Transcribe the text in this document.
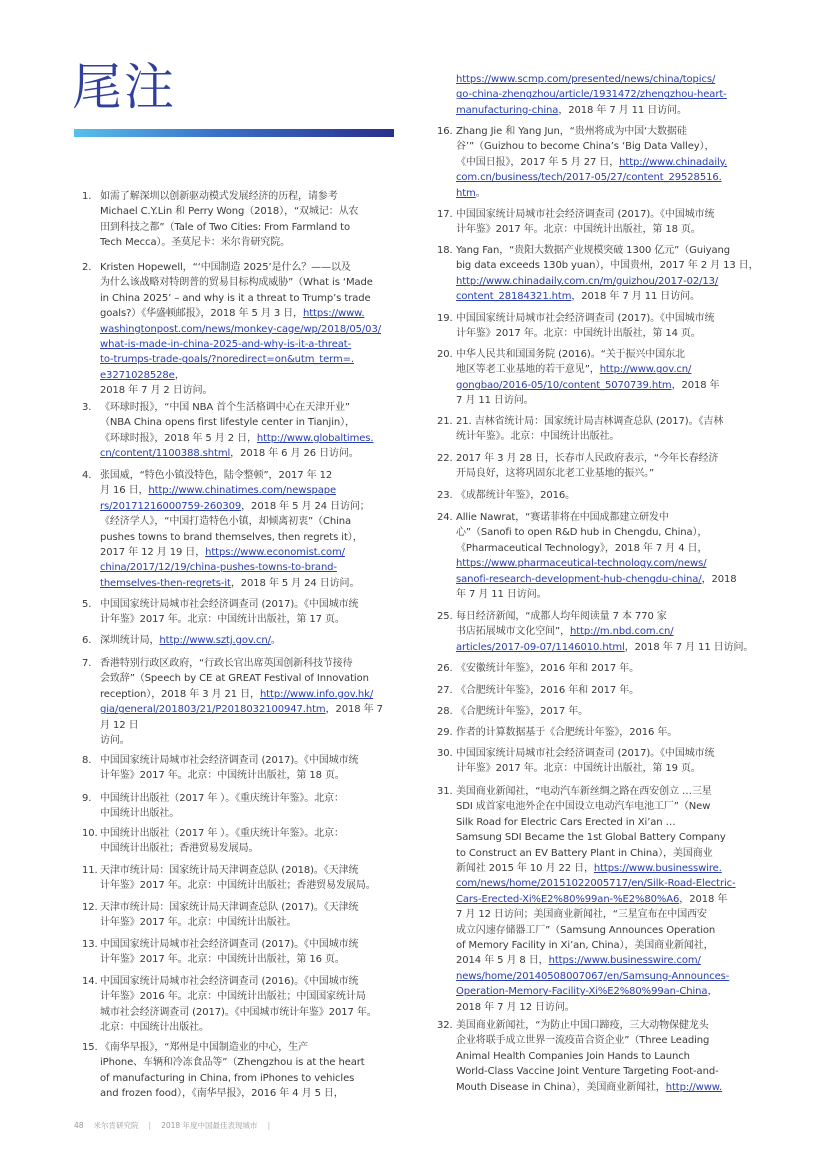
尾注
1. 如需了解深圳以创新驱动模式发展经济的历程，请参考
Michael C.Y.Lin 和 Perry Wong（2018），“双城记：从农
田到科技之都”（Tale of Two Cities: From Farmland to
Tech Mecca）。圣莫尼卡：米尔肯研究院。
2. Kristen Hopewell，“‘中国制造 2025’是什么？——以及
为什么该战略对特朗普的贸易目标构成威胁”（What is ‘Made
in China 2025’ – and why is it a threat to Trump’s trade
goals?）《华盛顿邮报》，2018 年 5 月 3 日，https://www.
washingtonpost.com/news/monkey-cage/wp/2018/05/03/
what-is-made-in-china-2025-and-why-is-it-a-threat-
to-trumps-trade-goals/?noredirect=on&utm_term=.
e3271028528e，
2018 年 7 月 2 日访问。
3. 《环球时报》，“中国 NBA 首个生活格调中心在天津开业”
（NBA China opens first lifestyle center in Tianjin），
《环球时报》，2018 年 5 月 2 日，http://www.globaltimes.
cn/content/1100388.shtml，2018 年 6 月 26 日访问。
4. 张国威，“特色小镇没特色，陆令整顿”，2017 年 12
月 16 日，http://www.chinatimes.com/newspape
rs/20171216000759-260309，2018 年 5 月 24 日访问；
《经济学人》，“中国打造特色小镇，却倾离初衷”（China
pushes towns to brand themselves, then regrets it），
2017 年 12 月 19 日，https://www.economist.com/
china/2017/12/19/china-pushes-towns-to-brand-
themselves-then-regrets-it，2018 年 5 月 24 日访问。
5. 中国国家统计局城市社会经济调查司 (2017)。《中国城市统
计年鉴》2017 年。北京：中国统计出版社，第 17 页。
6. 深圳统计局，http://www.sztj.gov.cn/。
7. 香港特别行政区政府，“行政长官出席英国创新科技节接待
会致辞”（Speech by CE at GREAT Festival of Innovation
reception），2018 年 3 月 21 日，http://www.info.gov.hk/
gia/general/201803/21/P2018032100947.htm，2018 年 7
月 12 日
访问。
8. 中国国家统计局城市社会经济调查司 (2017)。《中国城市统
计年鉴》2017 年。北京：中国统计出版社，第 18 页。
9. 中国统计出版社（2017 年 ）。《重庆统计年鉴》。北京：
中国统计出版社。
10. 中国统计出版社（2017 年 ）。《重庆统计年鉴》。北京：
中国统计出版社；香港贸易发展局。
11. 天津市统计局：国家统计局天津调查总队 (2018)。《天津统
计年鉴》2017 年。北京：中国统计出版社；香港贸易发展局。
12. 天津市统计局：国家统计局天津调查总队 (2017)。《天津统
计年鉴》2017 年。北京：中国统计出版社。
13. 中国国家统计局城市社会经济调查司 (2017)。《中国城市统
计年鉴》2017 年。北京：中国统计出版社，第 16 页。
14. 中国国家统计局城市社会经济调查司 (2016)。《中国城市统
计年鉴》2016 年。北京：中国统计出版社；中国国家统计局
城市社会经济调查司 (2017)。《中国城市统计年鉴》2017 年。
北京：中国统计出版社。
15. 《南华早报》，“郑州是中国制造业的中心，生产
iPhone、车辆和冷冻食品等”（Zhengzhou is at the heart
of manufacturing in China, from iPhones to vehicles
and frozen food），《南华早报》，2016 年 4 月 5 日，
https://www.scmp.com/presented/news/china/topics/
go-china-zhengzhou/article/1931472/zhengzhou-heart-
manufacturing-china，2018 年 7 月 11 日访问。
16. Zhang Jie 和 Yang Jun，“贵州将成为中国‘大数据硅
谷’”（Guizhou to become China’s ‘Big Data Valley），
《中国日报》，2017 年 5 月 27 日，http://www.chinadaily.
com.cn/business/tech/2017-05/27/content_29528516.
htm。
17. 中国国家统计局城市社会经济调查司 (2017)。《中国城市统
计年鉴》2017 年。北京：中国统计出版社，第 18 页。
18. Yang Fan，“贵阳大数据产业规模突破 1300 亿元”（Guiyang
big data exceeds 130b yuan），中国贵州，2017 年 2 月 13 日，
http://www.chinadaily.com.cn/m/guizhou/2017-02/13/
content_28184321.htm，2018 年 7 月 11 日访问。
19. 中国国家统计局城市社会经济调查司 (2017)。《中国城市统
计年鉴》2017 年。北京：中国统计出版社，第 14 页。
20. 中华人民共和国国务院 (2016)。“关于振兴中国东北
地区等老工业基地的若干意见”，http://www.gov.cn/
gongbao/2016-05/10/content_5070739.htm，2018 年
7 月 11 日访问。
21. 21. 吉林省统计局：国家统计局吉林调查总队 (2017)。《吉林
统计年鉴》。北京：中国统计出版社。
22. 2017 年 3 月 28 日，长春市人民政府表示，“今年长春经济
开局良好，这将巩固东北老工业基地的振兴。”
23. 《成都统计年鉴》，2016。
24. Allie Nawrat，“赛诺菲将在中国成都建立研发中
心”（Sanofi to open R&D hub in Chengdu, China），
《Pharmaceutical Technology》，2018 年 7 月 4 日，
https://www.pharmaceutical-technology.com/news/
sanofi-research-development-hub-chengdu-china/，2018
年 7 月 11 日访问。
25. 每日经济新闻，“成都人均年阅读量 7 本 770 家
书店拓展城市文化空间”，http://m.nbd.com.cn/
articles/2017-09-07/1146010.html，2018 年 7 月 11 日访问。
26. 《安徽统计年鉴》，2016 年和 2017 年。
27. 《合肥统计年鉴》，2016 年和 2017 年。
28. 《合肥统计年鉴》，2017 年。
29. 作者的计算数据基于《合肥统计年鉴》，2016 年。
30. 中国国家统计局城市社会经济调查司 (2017)。《中国城市统
计年鉴》2017 年。北京：中国统计出版社，第 19 页。
31. 美国商业新闻社，“电动汽车新丝绸之路在西安创立 …三星
SDI 成首家电池外企在中国设立电动汽车电池工厂”（New
Silk Road for Electric Cars Erected in Xi’an …
Samsung SDI Became the 1st Global Battery Company
to Construct an EV Battery Plant in China），美国商业
新闻社 2015 年 10 月 22 日，https://www.businesswire.
com/news/home/20151022005717/en/Silk-Road-Electric-
Cars-Erected-Xi%E2%80%99an-%E2%80%A6，2018 年
7 月 12 日访问；美国商业新闻社，“三星宣布在中国西安
成立闪速存储器工厂”（Samsung Announces Operation
of Memory Facility in Xi’an, China），美国商业新闻社，
2014 年 5 月 8 日，https://www.businesswire.com/
news/home/20140508007067/en/Samsung-Announces-
Operation-Memory-Facility-Xi%E2%80%99an-China，
2018 年 7 月 12 日访问。
32. 美国商业新闻社，“为防止中国口蹄疫，三大动物保健龙头
企业将联手成立世界一流疫苗合资企业”（Three Leading
Animal Health Companies Join Hands to Launch
World-Class Vaccine Joint Venture Targeting Foot-and-
Mouth Disease in China），美国商业新闻社，http://www.
48 米尔肯研究院 | 2018 年度中国最佳表现城市 |
